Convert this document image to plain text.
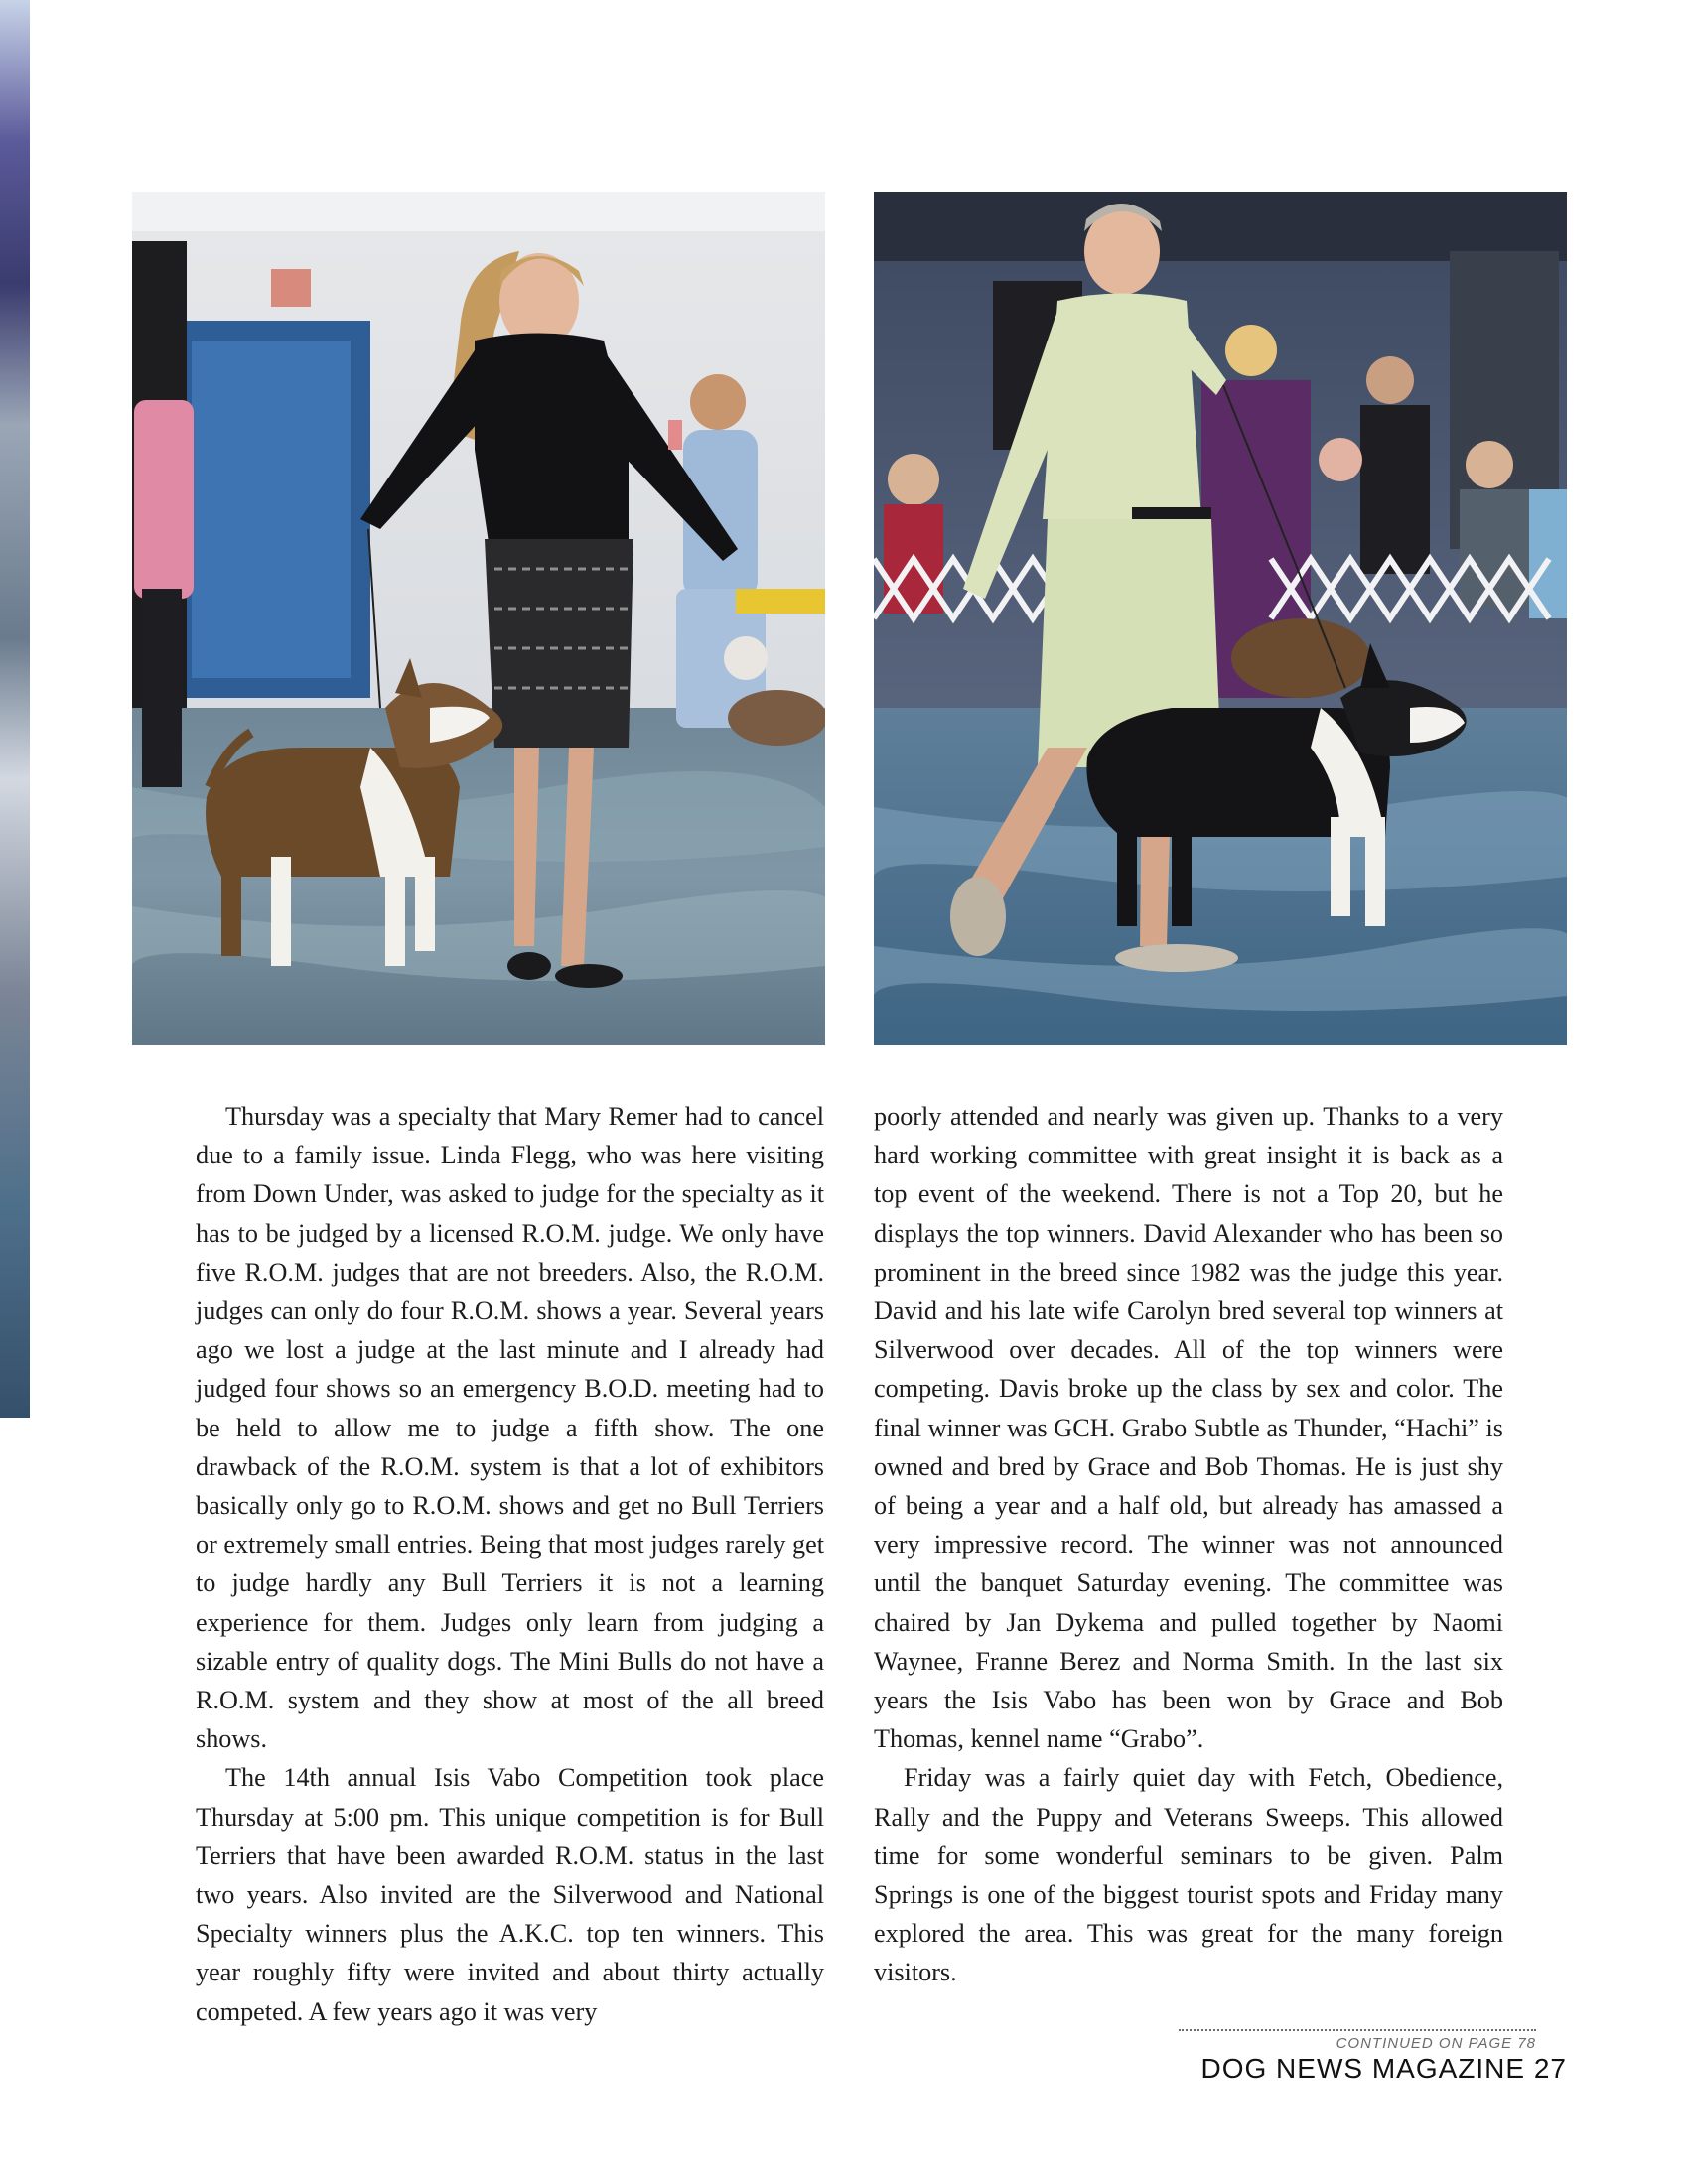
Thursday was a specialty that Mary Remer had to cancel due to a family issue. Linda Flegg, who was here visiting from Down Under, was asked to judge for the specialty as it has to be judged by a licensed R.O.M. judge. We only have five R.O.M. judges that are not breeders. Also, the R.O.M. judges can only do four R.O.M. shows a year. Several years ago we lost a judge at the last minute and I already had judged four shows so an emergency B.O.D. meeting had to be held to allow me to judge a fifth show. The one drawback of the R.O.M. system is that a lot of exhibitors basically only go to R.O.M. shows and get no Bull Terriers or extremely small entries. Being that most judges rarely get to judge hardly any Bull Terriers it is not a learning experience for them. Judges only learn from judging a sizable entry of quality dogs. The Mini Bulls do not have a R.O.M. system and they show at most of the all breed shows.

The 14th annual Isis Vabo Competition took place Thursday at 5:00 pm. This unique competition is for Bull Terriers that have been awarded R.O.M. status in the last two years. Also invited are the Silverwood and National Specialty winners plus the A.K.C. top ten winners. This year roughly fifty were invited and about thirty actually competed. A few years ago it was very

poorly attended and nearly was given up. Thanks to a very hard working committee with great insight it is back as a top event of the weekend. There is not a Top 20, but he displays the top winners. David Alexander who has been so prominent in the breed since 1982 was the judge this year. David and his late wife Carolyn bred several top winners at Silverwood over decades. All of the top winners were competing. Davis broke up the class by sex and color. The final winner was GCH. Grabo Subtle as Thunder, “Hachi” is owned and bred by Grace and Bob Thomas. He is just shy of being a year and a half old, but already has amassed a very impressive record. The winner was not announced until the banquet Saturday evening. The committee was chaired by Jan Dykema and pulled together by Naomi Waynee, Franne Berez and Norma Smith. In the last six years the Isis Vabo has been won by Grace and Bob Thomas, kennel name “Grabo”.

Friday was a fairly quiet day with Fetch, Obedience, Rally and the Puppy and Veterans Sweeps. This allowed time for some wonderful seminars to be given. Palm Springs is one of the biggest tourist spots and Friday many explored the area. This was great for the many foreign visitors.

CONTINUED ON PAGE 78
DOG NEWS MAGAZINE 27
